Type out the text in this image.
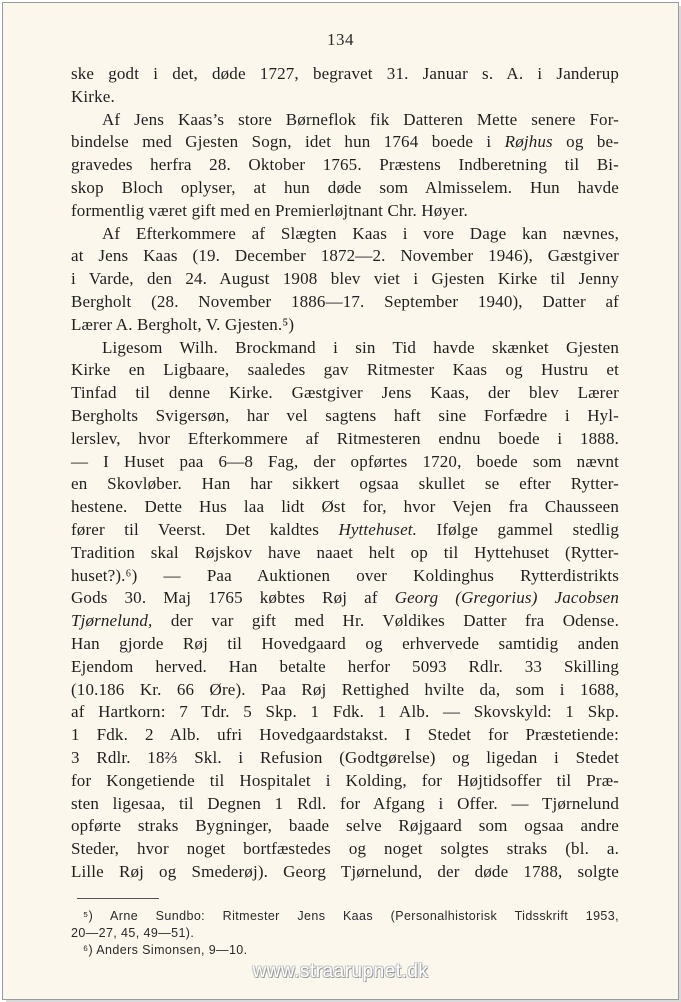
134
ske godt i det, døde 1727, begravet 31. Januar s. A. i Janderup
Kirke.
Af Jens Kaas’s store Børneflok fik Datteren Mette senere For-
bindelse med Gjesten Sogn, idet hun 1764 boede i Røjhus og be-
gravedes herfra 28. Oktober 1765. Præstens Indberetning til Bi-
skop Bloch oplyser, at hun døde som Almisselem. Hun havde
formentlig været gift med en Premierløjtnant Chr. Høyer.
Af Efterkommere af Slægten Kaas i vore Dage kan nævnes,
at Jens Kaas (19. December 1872—2. November 1946), Gæstgiver
i Varde, den 24. August 1908 blev viet i Gjesten Kirke til Jenny
Bergholt (28. November 1886—17. September 1940), Datter af
Lærer A. Bergholt, V. Gjesten.⁵)
Ligesom Wilh. Brockmand i sin Tid havde skænket Gjesten
Kirke en Ligbaare, saaledes gav Ritmester Kaas og Hustru et
Tinfad til denne Kirke. Gæstgiver Jens Kaas, der blev Lærer
Bergholts Svigersøn, har vel sagtens haft sine Forfædre i Hyl-
lerslev, hvor Efterkommere af Ritmesteren endnu boede i 1888.
— I Huset paa 6—8 Fag, der opførtes 1720, boede som nævnt
en Skovløber. Han har sikkert ogsaa skullet se efter Rytter-
hestene. Dette Hus laa lidt Øst for, hvor Vejen fra Chausseen
fører til Veerst. Det kaldtes Hyttehuset. Ifølge gammel stedlig
Tradition skal Røjskov have naaet helt op til Hyttehuset (Rytter-
huset?).⁶) — Paa Auktionen over Koldinghus Rytterdistrikts
Gods 30. Maj 1765 købtes Røj af Georg (Gregorius) Jacobsen
Tjørnelund, der var gift med Hr. Vøldikes Datter fra Odense.
Han gjorde Røj til Hovedgaard og erhvervede samtidig anden
Ejendom herved. Han betalte herfor 5093 Rdlr. 33 Skilling
(10.186 Kr. 66 Øre). Paa Røj Rettighed hvilte da, som i 1688,
af Hartkorn: 7 Tdr. 5 Skp. 1 Fdk. 1 Alb. — Skovskyld: 1 Skp.
1 Fdk. 2 Alb. ufri Hovedgaardstakst. I Stedet for Præstetiende:
3 Rdlr. 18⅔ Skl. i Refusion (Godtgørelse) og ligedan i Stedet
for Kongetiende til Hospitalet i Kolding, for Højtidsoffer til Præ-
sten ligesaa, til Degnen 1 Rdl. for Afgang i Offer. — Tjørnelund
opførte straks Bygninger, baade selve Røjgaard som ogsaa andre
Steder, hvor noget bortfæstedes og noget solgtes straks (bl. a.
Lille Røj og Smederøj). Georg Tjørnelund, der døde 1788, solgte
⁵) Arne Sundbo: Ritmester Jens Kaas (Personalhistorisk Tidsskrift 1953,
20—27, 45, 49—51).
⁶) Anders Simonsen, 9—10.
www.straarupnet.dk
